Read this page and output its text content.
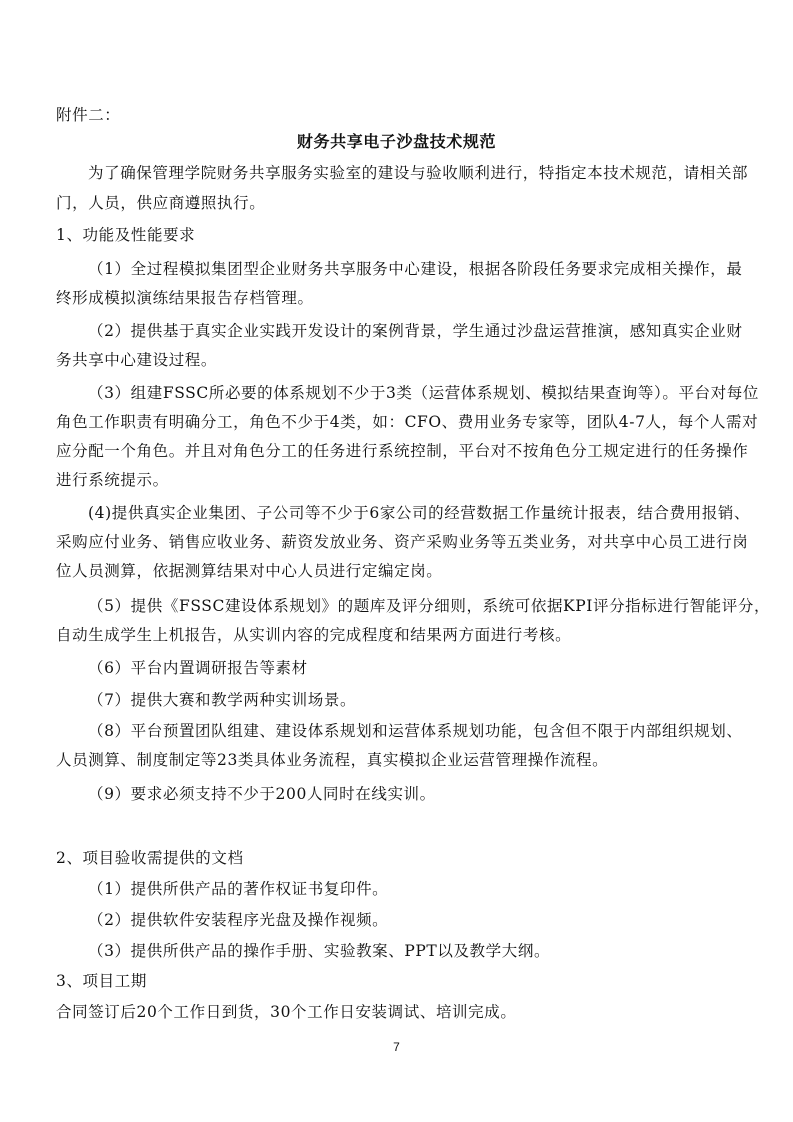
附件二：
财务共享电子沙盘技术规范
为了确保管理学院财务共享服务实验室的建设与验收顺利进行，特指定本技术规范，请相关部
门，人员，供应商遵照执行。
1、功能及性能要求
（1）全过程模拟集团型企业财务共享服务中心建设，根据各阶段任务要求完成相关操作，最
终形成模拟演练结果报告存档管理。
（2）提供基于真实企业实践开发设计的案例背景，学生通过沙盘运营推演，感知真实企业财
务共享中心建设过程。
（3）组建FSSC所必要的体系规划不少于3类（运营体系规划、模拟结果查询等）。平台对每位
角色工作职责有明确分工，角色不少于4类，如：CFO、费用业务专家等，团队4-7人，每个人需对
应分配一个角色。并且对角色分工的任务进行系统控制，平台对不按角色分工规定进行的任务操作
进行系统提示。
(4)提供真实企业集团、子公司等不少于6家公司的经营数据工作量统计报表，结合费用报销、
采购应付业务、销售应收业务、薪资发放业务、资产采购业务等五类业务，对共享中心员工进行岗
位人员测算，依据测算结果对中心人员进行定编定岗。
（5）提供《FSSC建设体系规划》的题库及评分细则，系统可依据KPI评分指标进行智能评分，
自动生成学生上机报告，从实训内容的完成程度和结果两方面进行考核。
（6）平台内置调研报告等素材
（7）提供大赛和教学两种实训场景。
（8）平台预置团队组建、建设体系规划和运营体系规划功能，包含但不限于内部组织规划、
人员测算、制度制定等23类具体业务流程，真实模拟企业运营管理操作流程。
（9）要求必须支持不少于200人同时在线实训。
2、项目验收需提供的文档
（1）提供所供产品的著作权证书复印件。
（2）提供软件安装程序光盘及操作视频。
（3）提供所供产品的操作手册、实验教案、PPT以及教学大纲。
3、项目工期
合同签订后20个工作日到货，30个工作日安装调试、培训完成。
7
